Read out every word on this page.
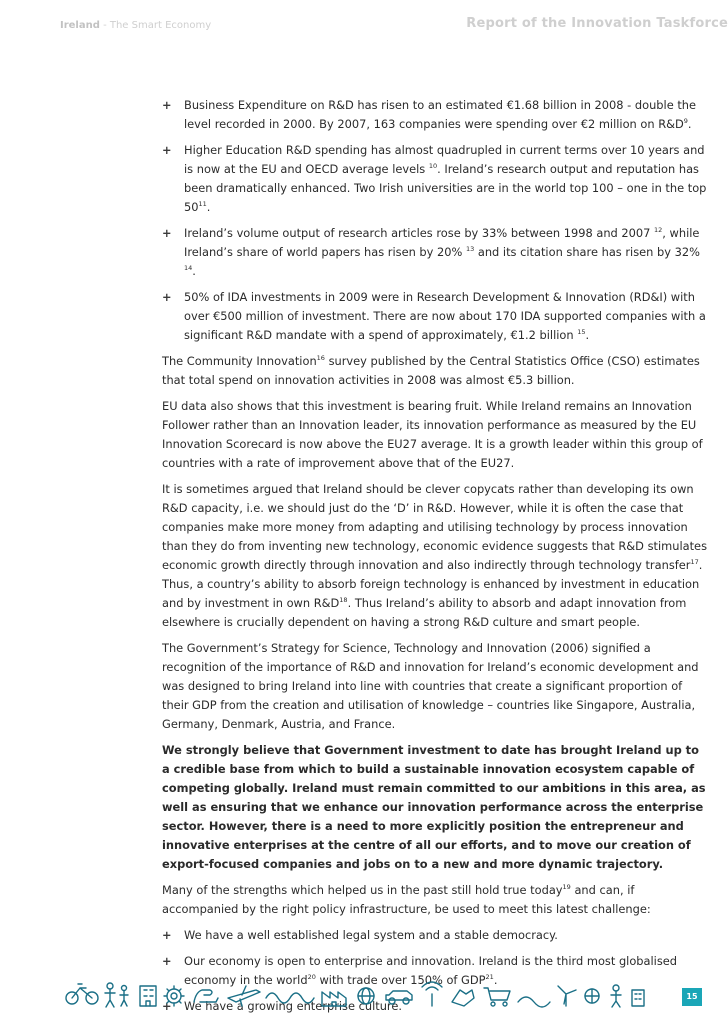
Ireland - The Smart Economy	Report of the Innovation Taskforce
+ Business Expenditure on R&D has risen to an estimated €1.68 billion in 2008 - double the level recorded in 2000. By 2007, 163 companies were spending over €2 million on $R\&D^9$.
+ Higher Education R&D spending has almost quadrupled in current terms over 10 years and is now at the EU and OECD average levels $^{10}$. Ireland’s research output and reputation has been dramatically enhanced. Two Irish universities are in the world top 100 – one in the top $50^{11}$.
+ Ireland’s volume output of research articles rose by 33% between 1998 and 2007 $^{12}$, while Ireland’s share of world papers has risen by 20% $^{13}$ and its citation share has risen by 32% $^{14}$.
+ 50% of IDA investments in 2009 were in Research Development & Innovation (RD&I) with over €500 million of investment. There are now about 170 IDA supported companies with a significant R&D mandate with a spend of approximately, €1.2 billion $^{15}$.

The Community Innovation$^{16}$ survey published by the Central Statistics Office (CSO) estimates that total spend on innovation activities in 2008 was almost €5.3 billion.

EU data also shows that this investment is bearing fruit. While Ireland remains an Innovation Follower rather than an Innovation leader, its innovation performance as measured by the EU Innovation Scorecard is now above the EU27 average. It is a growth leader within this group of countries with a rate of improvement above that of the EU27.

It is sometimes argued that Ireland should be clever copycats rather than developing its own R&D capacity, i.e. we should just do the ‘D’ in R&D. However, while it is often the case that companies make more money from adapting and utilising technology by process innovation than they do from inventing new technology, economic evidence suggests that R&D stimulates economic growth directly through innovation and also indirectly through technology transfer$^{17}$. Thus, a country’s ability to absorb foreign technology is enhanced by investment in education and by investment in own $R\&D^{18}$. Thus Ireland’s ability to absorb and adapt innovation from elsewhere is crucially dependent on having a strong R&D culture and smart people.

The Government’s Strategy for Science, Technology and Innovation (2006) signified a recognition of the importance of R&D and innovation for Ireland’s economic development and was designed to bring Ireland into line with countries that create a significant proportion of their GDP from the creation and utilisation of knowledge – countries like Singapore, Australia, Germany, Denmark, Austria, and France.

We strongly believe that Government investment to date has brought Ireland up to a credible base from which to build a sustainable innovation ecosystem capable of competing globally. Ireland must remain committed to our ambitions in this area, as well as ensuring that we enhance our innovation performance across the enterprise sector. However, there is a need to more explicitly position the entrepreneur and innovative enterprises at the centre of all our efforts, and to move our creation of export-focused companies and jobs on to a new and more dynamic trajectory.

Many of the strengths which helped us in the past still hold true today$^{19}$ and can, if accompanied by the right policy infrastructure, be used to meet this latest challenge:

+ We have a well established legal system and a stable democracy.
+ Our economy is open to enterprise and innovation. Ireland is the third most globalised economy in the world$^{20}$ with trade over 150% of $GDP^{21}$.
+ We have a growing enterprise culture.
15
